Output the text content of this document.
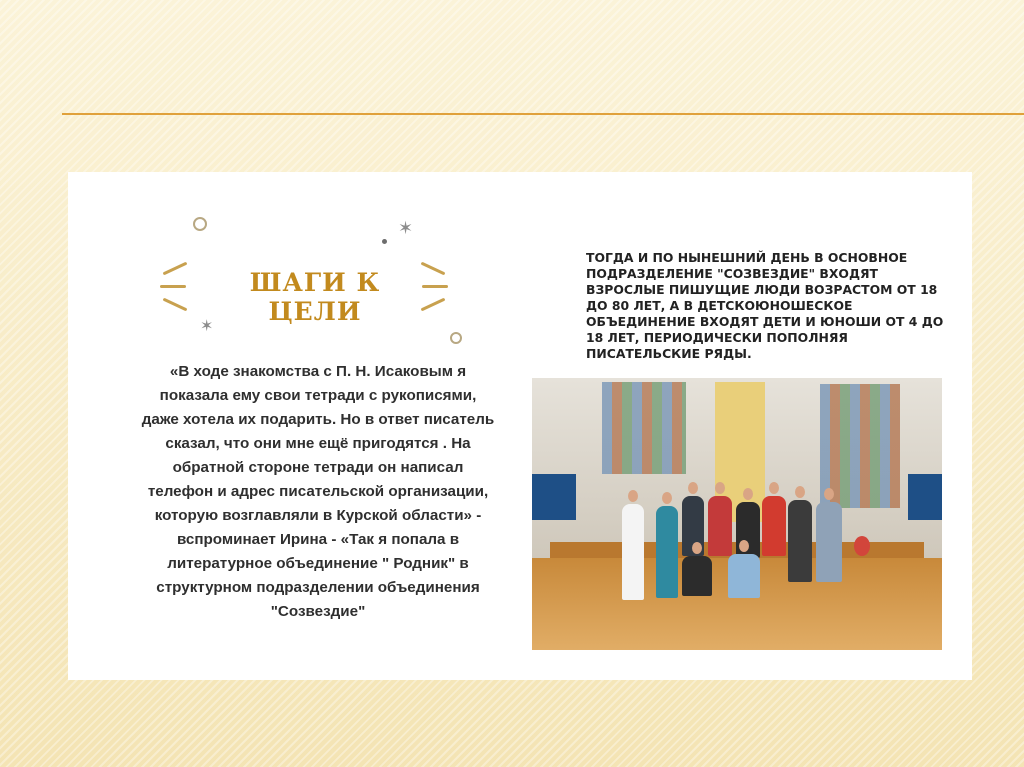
✶
✶
ШАГИ К ЦЕЛИ
«В ходе знакомства с П. Н. Исаковым я показала ему свои тетради с рукописями, даже хотела их подарить. Но в ответ писатель сказал, что они мне ещё пригодятся . На обратной стороне тетради он написал телефон и адрес писательской организации, которую возглавляли в Курской области» - вспроминает Ирина - «Так я попала в литературное объединение " Родник" в структурном подразделении объединения "Созвездие"
ТОГДА И ПО НЫНЕШНИЙ ДЕНЬ В ОСНОВНОЕ ПОДРАЗДЕЛЕНИЕ "СОЗВЕЗДИЕ" ВХОДЯТ ВЗРОСЛЫЕ ПИШУЩИЕ ЛЮДИ ВОЗРАСТОМ ОТ 18 ДО 80 ЛЕТ, А В ДЕТСКОЮНОШЕСКОЕ ОБЪЕДИНЕНИЕ ВХОДЯТ ДЕТИ И ЮНОШИ ОТ 4 ДО 18 ЛЕТ, ПЕРИОДИЧЕСКИ ПОПОЛНЯЯ ПИСАТЕЛЬСКИЕ РЯДЫ.
